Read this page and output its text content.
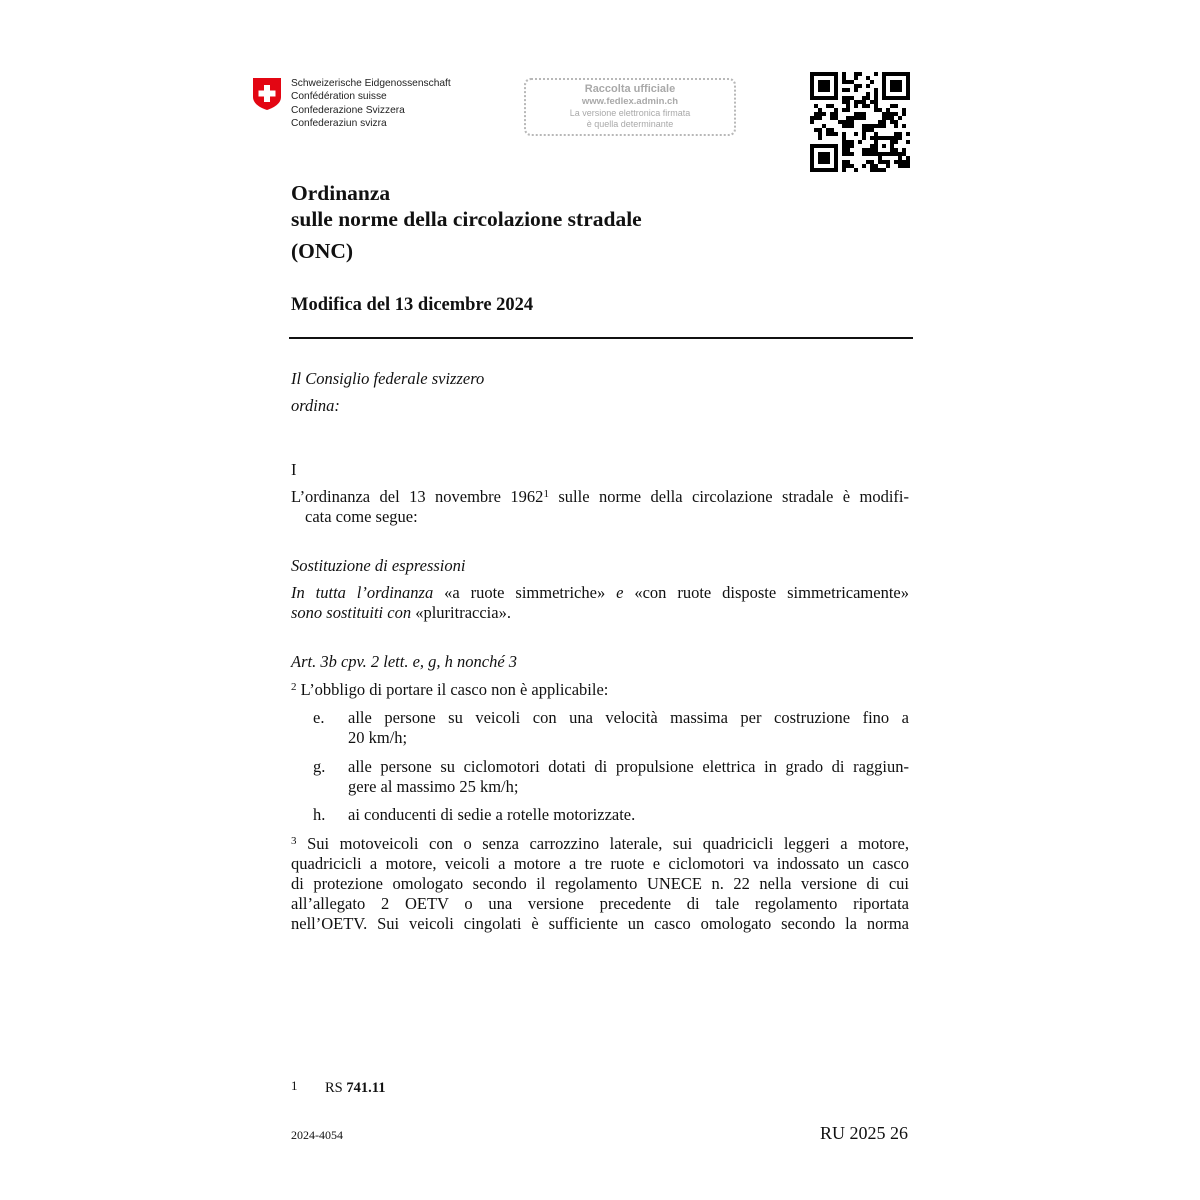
Schweizerische Eidgenossenschaft
Confédération suisse
Confederazione Svizzera
Confederaziun svizra
Raccolta ufficiale
www.fedlex.admin.ch
La versione elettronica firmata
è quella determinante
Ordinanza
sulle norme della circolazione stradale
(ONC)
Modifica del 13 dicembre 2024
Il Consiglio federale svizzero
ordina:
I
L’ordinanza del 13 novembre 1962$^1$ sulle norme della circolazione stradale è modifi-
cata come segue:
Sostituzione di espressioni
In tutta l’ordinanza «a ruote simmetriche» e «con ruote disposte simmetricamente»
sono sostituiti con «pluritraccia».
Art. 3b cpv. 2 lett. e, g, h nonché 3
$^2$ L’obbligo di portare il casco non è applicabile:
e. alle persone su veicoli con una velocità massima per costruzione fino a
20 km/h;
g. alle persone su ciclomotori dotati di propulsione elettrica in grado di raggiun-
gere al massimo 25 km/h;
h. ai conducenti di sedie a rotelle motorizzate.
$^3$ Sui motoveicoli con o senza carrozzino laterale, sui quadricicli leggeri a motore,
quadricicli a motore, veicoli a motore a tre ruote e ciclomotori va indossato un casco
di protezione omologato secondo il regolamento UNECE n. 22 nella versione di cui
all’allegato 2 OETV o una versione precedente di tale regolamento riportata
nell’OETV. Sui veicoli cingolati è sufficiente un casco omologato secondo la norma
1 RS 741.11
2024-4054	RU 2025 26
